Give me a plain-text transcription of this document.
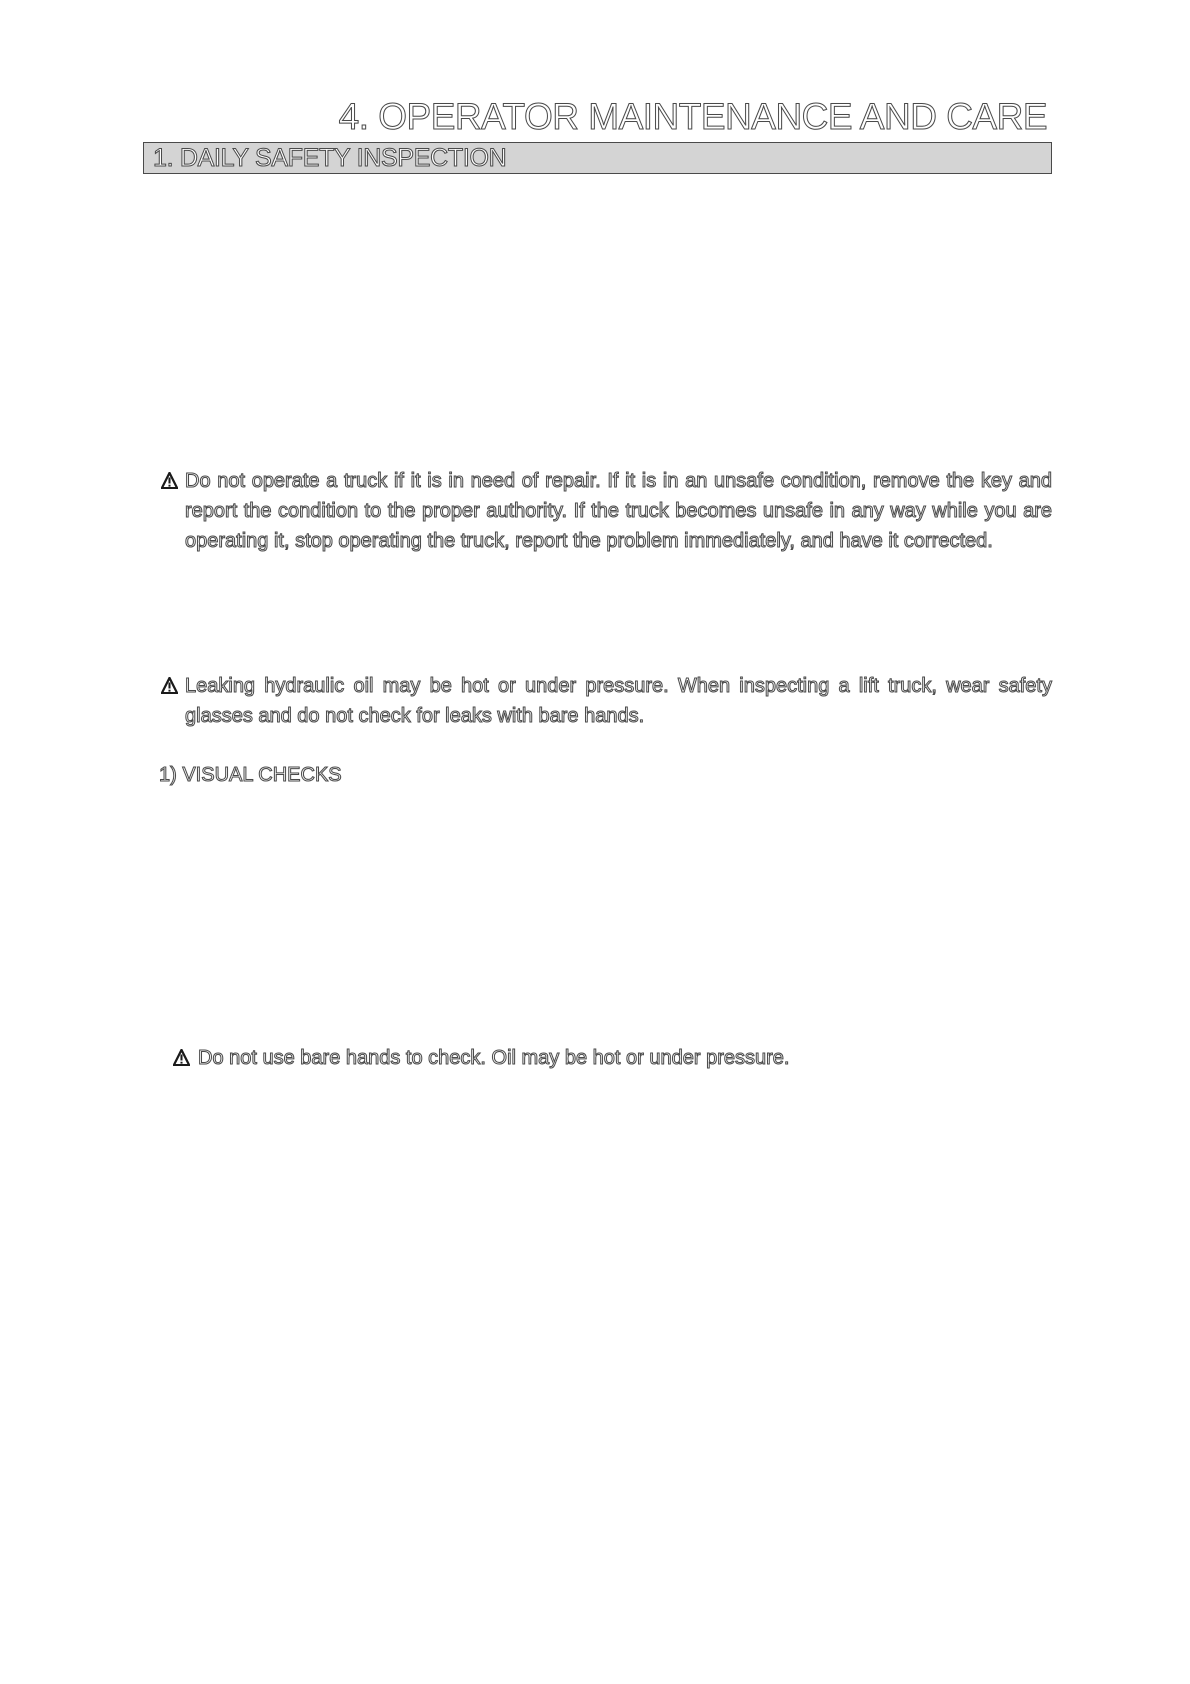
4. OPERATOR MAINTENANCE AND CARE
1. DAILY SAFETY INSPECTION
Do not operate a truck if it is in need of repair. If it is in an unsafe condition, remove the key and report the condition to the proper authority. If the truck becomes unsafe in any way while you are operating it, stop operating the truck, report the problem immediately, and have it corrected.
Leaking hydraulic oil may be hot or under pressure. When inspecting a lift truck, wear safety glasses and do not check for leaks with bare hands.
1) VISUAL CHECKS
Do not use bare hands to check. Oil may be hot or under pressure.
